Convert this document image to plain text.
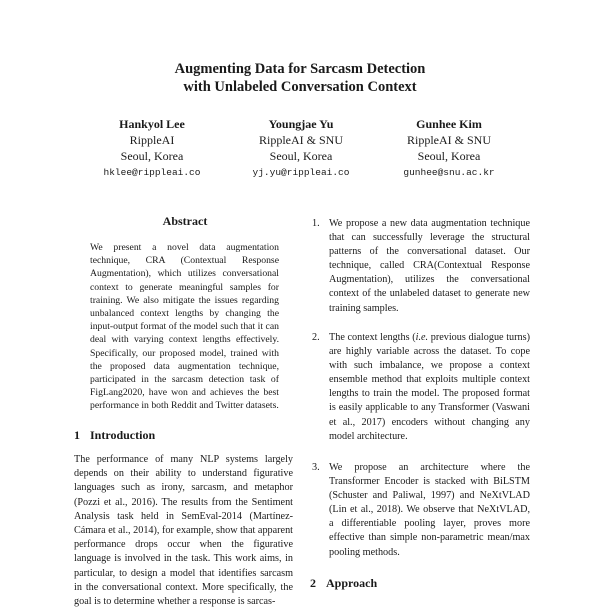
Augmenting Data for Sarcasm Detection
with Unlabeled Conversation Context
Hankyol Lee
RippleAI
Seoul, Korea
hklee@rippleai.co
Youngjae Yu
RippleAI & SNU
Seoul, Korea
yj.yu@rippleai.co
Gunhee Kim
RippleAI & SNU
Seoul, Korea
gunhee@snu.ac.kr
Abstract

We present a novel data augmentation technique, CRA (Contextual Response Augmentation), which utilizes conversational context to generate meaningful samples for training. We also mitigate the issues regarding unbalanced context lengths by changing the input-output format of the model such that it can deal with varying context lengths effectively. Specifically, our proposed model, trained with the proposed data augmentation technique, participated in the sarcasm detection task of FigLang2020, have won and achieves the best performance in both Reddit and Twitter datasets.

1 Introduction

The performance of many NLP systems largely depends on their ability to understand figurative languages such as irony, sarcasm, and metaphor (Pozzi et al., 2016). The results from the Sentiment Analysis task held in SemEval-2014 (Martínez-Cámara et al., 2014), for example, show that apparent performance drops occur when the figurative language is involved in the task. This work aims, in particular, to design a model that identifies sarcasm in the conversational context. More specifically, the goal is to determine whether a response is sarcas-

1. We propose a new data augmentation technique that can successfully leverage the structural patterns of the conversational dataset. Our technique, called CRA(Contextual Response Augmentation), utilizes the conversational context of the unlabeled dataset to generate new training samples.
2. The context lengths (i.e. previous dialogue turns) are highly variable across the dataset. To cope with such imbalance, we propose a context ensemble method that exploits multiple context lengths to train the model. The proposed format is easily applicable to any Transformer (Vaswani et al., 2017) encoders without changing any model architecture.
3. We propose an architecture where the Transformer Encoder is stacked with BiLSTM (Schuster and Paliwal, 1997) and NeXtVLAD (Lin et al., 2018). We observe that NeXtVLAD, a differentiable pooling layer, proves more effective than simple non-parametric mean/max pooling methods.
2 Approach
